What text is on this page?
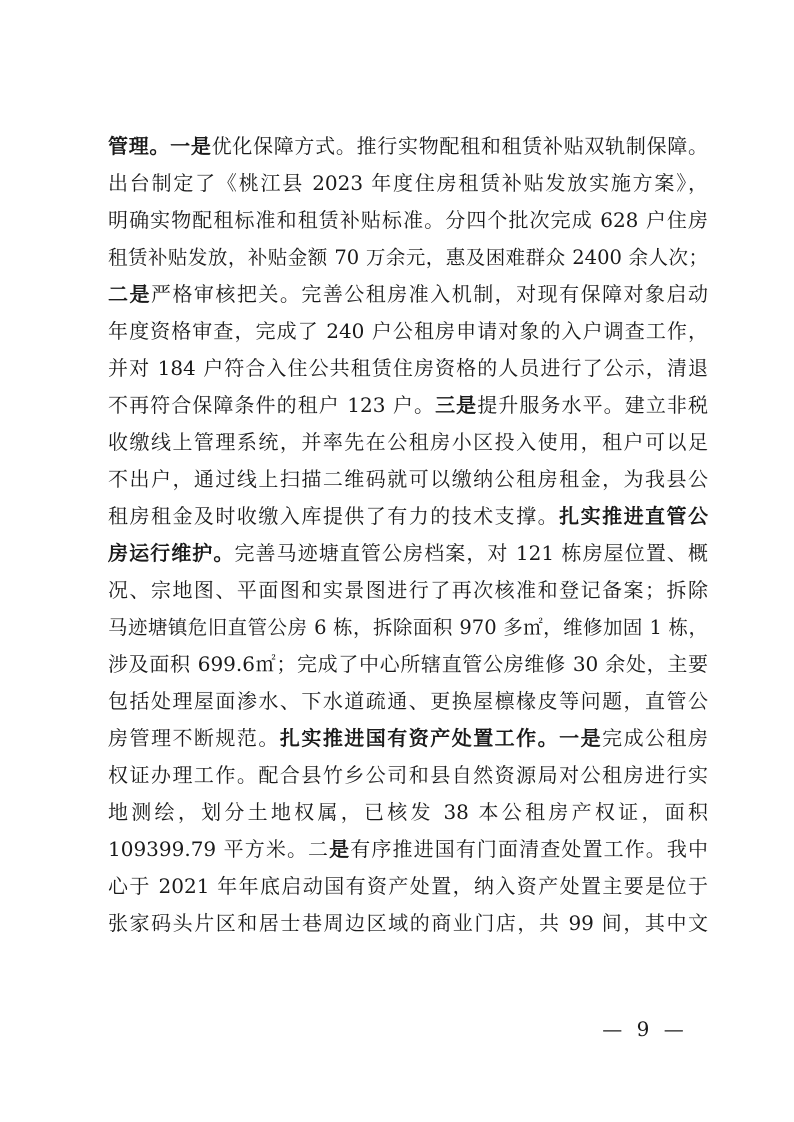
管理。一是优化保障方式。推行实物配租和租赁补贴双轨制保障。
出台制定了《桃江县 2023 年度住房租赁补贴发放实施方案》，
明确实物配租标准和租赁补贴标准。分四个批次完成 628 户住房
租赁补贴发放，补贴金额 70 万余元，惠及困难群众 2400 余人次；
二是严格审核把关。完善公租房准入机制，对现有保障对象启动
年度资格审查，完成了 240 户公租房申请对象的入户调查工作，
并对 184 户符合入住公共租赁住房资格的人员进行了公示，清退
不再符合保障条件的租户 123 户。三是提升服务水平。建立非税
收缴线上管理系统，并率先在公租房小区投入使用，租户可以足
不出户，通过线上扫描二维码就可以缴纳公租房租金，为我县公
租房租金及时收缴入库提供了有力的技术支撑。扎实推进直管公
房运行维护。完善马迹塘直管公房档案，对 121 栋房屋位置、概
况、宗地图、平面图和实景图进行了再次核准和登记备案；拆除
马迹塘镇危旧直管公房 6 栋，拆除面积 970 多㎡，维修加固 1 栋，
涉及面积 699.6㎡；完成了中心所辖直管公房维修 30 余处，主要
包括处理屋面渗水、下水道疏通、更换屋檩椽皮等问题，直管公
房管理不断规范。扎实推进国有资产处置工作。一是完成公租房
权证办理工作。配合县竹乡公司和县自然资源局对公租房进行实
地测绘，划分土地权属，已核发 38 本公租房产权证，面积
109399.79 平方米。二是有序推进国有门面清查处置工作。我中
心于 2021 年年底启动国有资产处置，纳入资产处置主要是位于
张家码头片区和居士巷周边区域的商业门店，共 99 间，其中文
— 9 —
